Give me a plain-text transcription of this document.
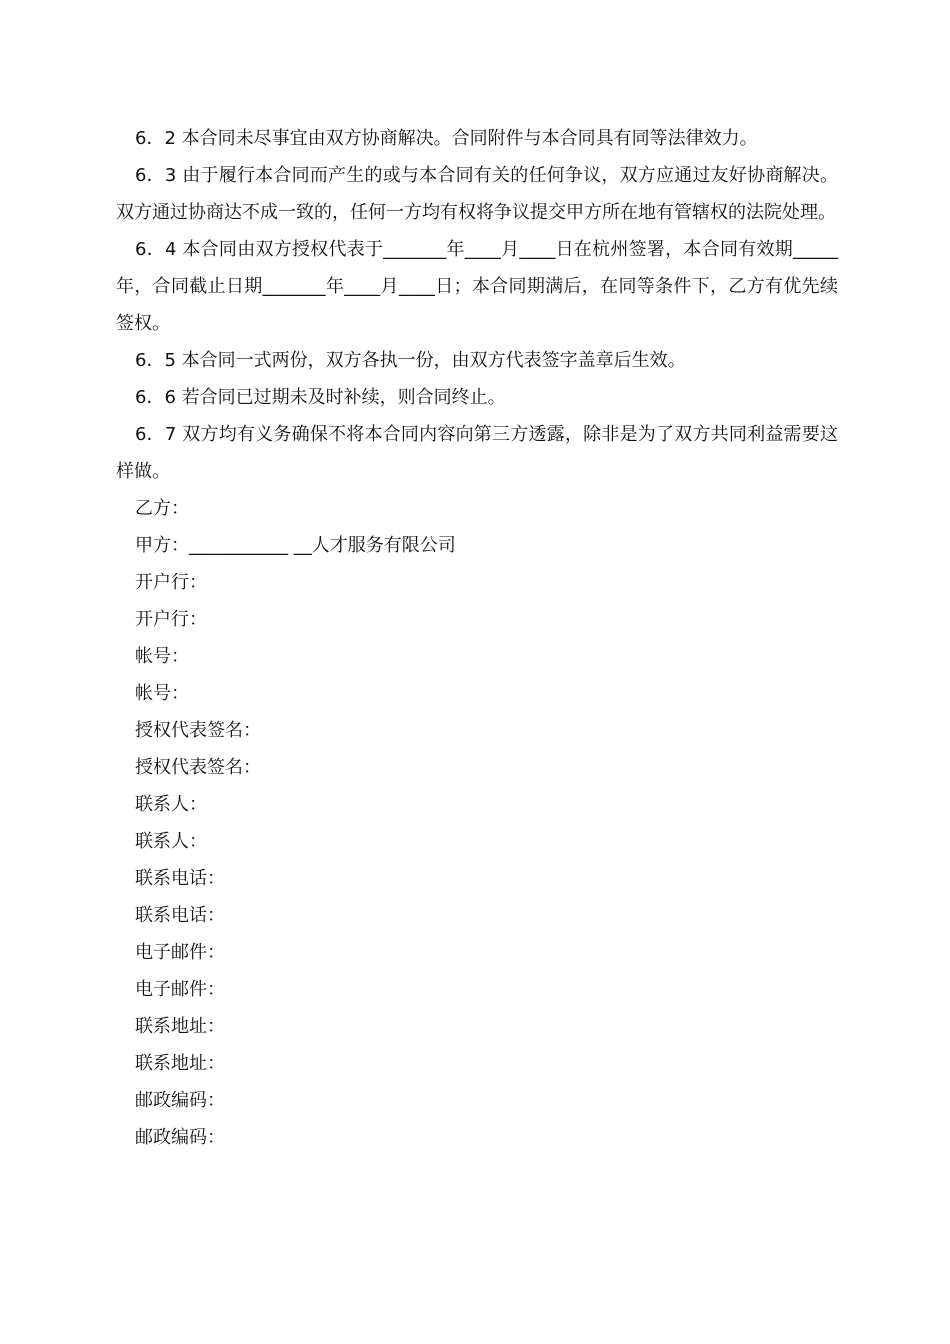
6．2 本合同未尽事宜由双方协商解决。合同附件与本合同具有同等法律效力。

6．3 由于履行本合同而产生的或与本合同有关的任何争议，双方应通过友好协商解决。双方通过协商达不成一致的，任何一方均有权将争议提交甲方所在地有管辖权的法院处理。

6．4 本合同由双方授权代表于_______年____月____日在杭州签署，本合同有效期_____年，合同截止日期_______年____月____日；本合同期满后，在同等条件下，乙方有优先续签权。

6．5 本合同一式两份，双方各执一份，由双方代表签字盖章后生效。

6．6 若合同已过期未及时补续，则合同终止。

6．7 双方均有义务确保不将本合同内容向第三方透露，除非是为了双方共同利益需要这样做。

乙方：

甲方：___________ __人才服务有限公司

开户行：

开户行：

帐号：

帐号：

授权代表签名：

授权代表签名：

联系人：

联系人：

联系电话：

联系电话：

电子邮件：

电子邮件：

联系地址：

联系地址：

邮政编码：

邮政编码：
